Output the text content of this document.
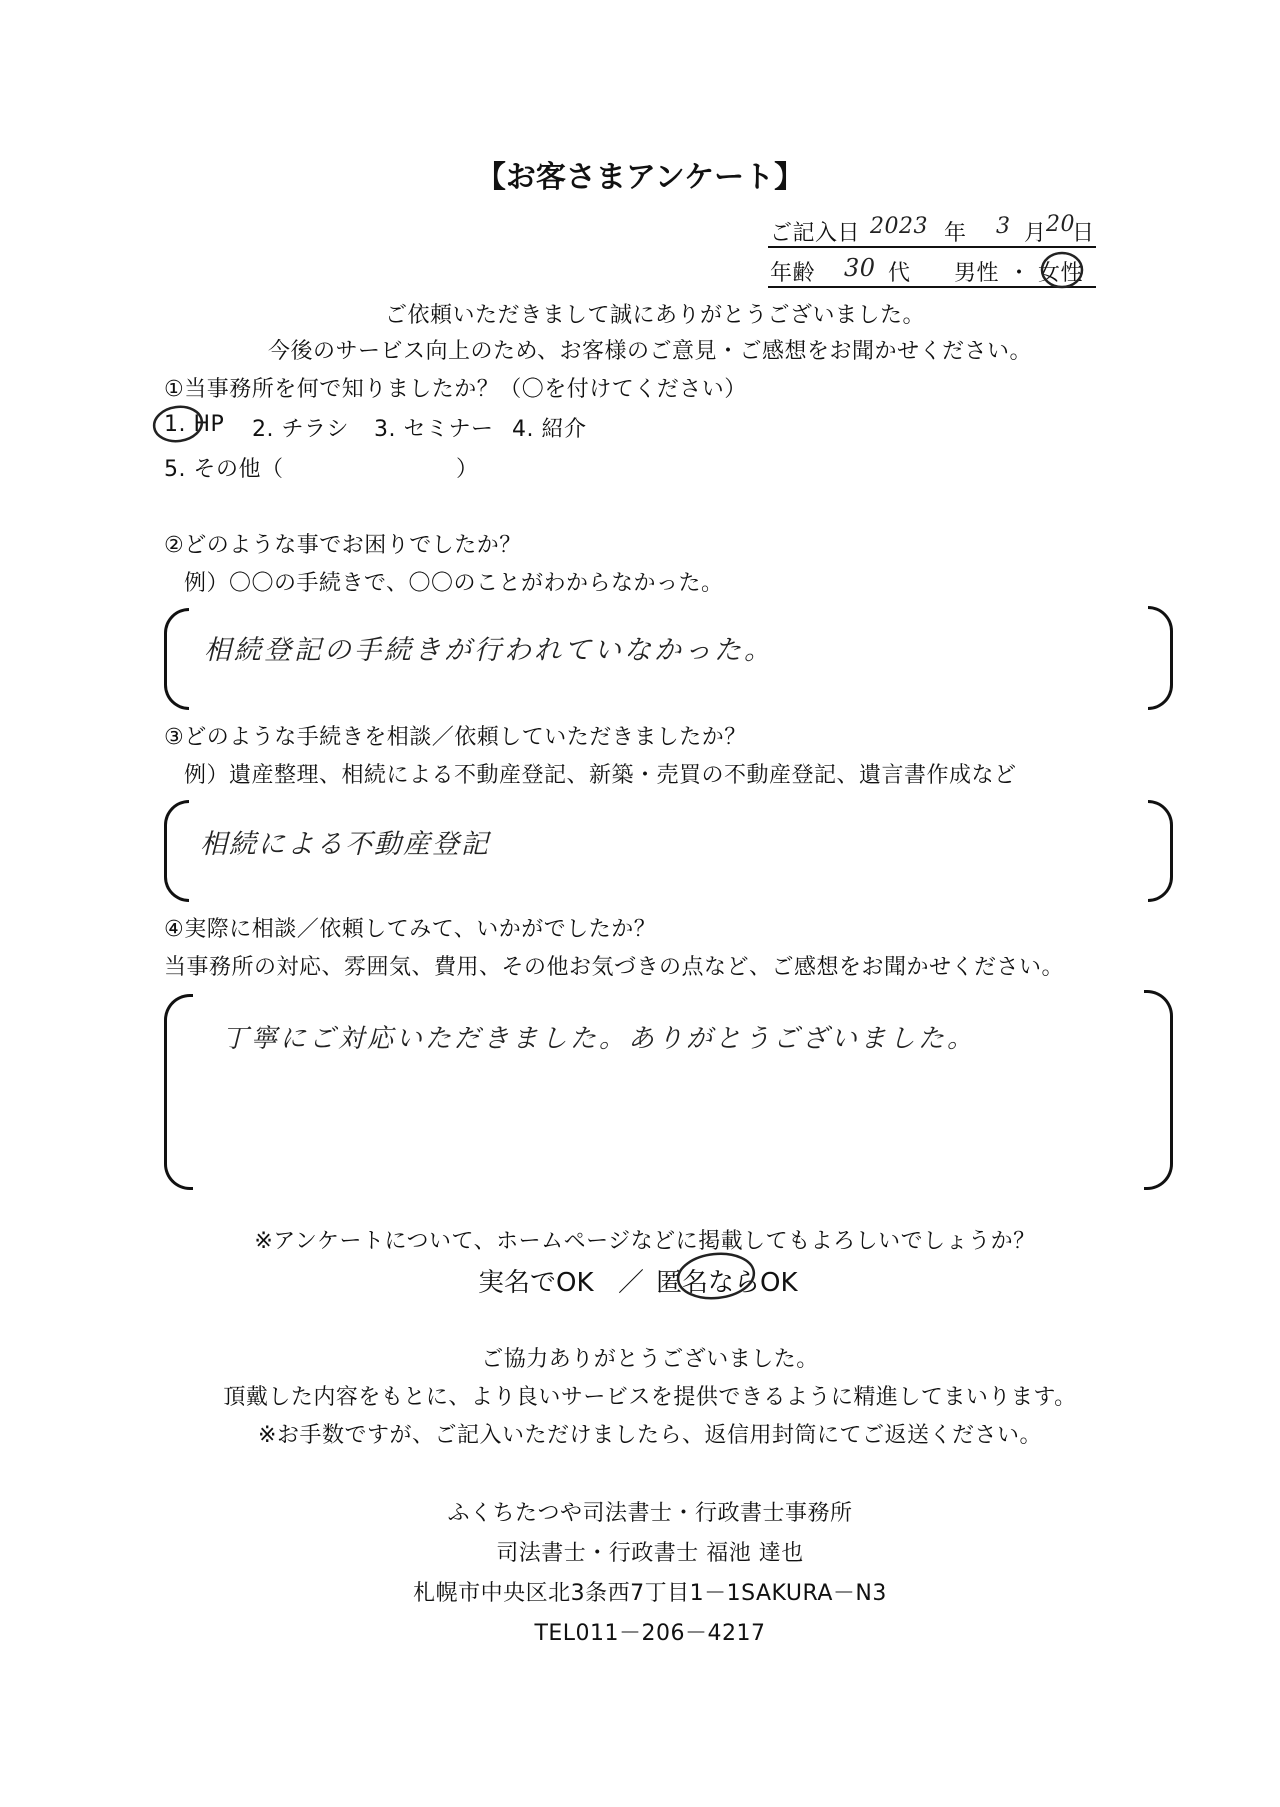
【お客さまアンケート】
ご記入日 2023 年 3 月 20
日
年齢 30 代 男性 ・ 女性
ご依頼いただきまして誠にありがとうございました。
今後のサービス向上のため、お客様のご意見・ご感想をお聞かせください。
①当事務所を何で知りましたか？（〇を付けてください）
1. HP 2. チラシ 3. セミナー 4. 紹介
5. その他（	）
②どのような事でお困りでしたか？
例）〇〇の手続きで、〇〇のことがわからなかった。
相続登記の手続きが行われていなかった。
③どのような手続きを相談／依頼していただきましたか？
例）遺産整理、相続による不動産登記、新築・売買の不動産登記、遺言書作成など
相続による不動産登記
④実際に相談／依頼してみて、いかがでしたか？
当事務所の対応、雰囲気、費用、その他お気づきの点など、ご感想をお聞かせください。
丁寧にご対応いただきました。ありがとうございました。
※アンケートについて、ホームページなどに掲載してもよろしいでしょうか？
実名でOK ／ 匿名ならOK
ご協力ありがとうございました。
頂戴した内容をもとに、より良いサービスを提供できるように精進してまいります。
※お手数ですが、ご記入いただけましたら、返信用封筒にてご返送ください。
ふくちたつや司法書士・行政書士事務所
司法書士・行政書士 福池 達也
札幌市中央区北3条西7丁目1－1SAKURA－N3
TEL011－206－4217
